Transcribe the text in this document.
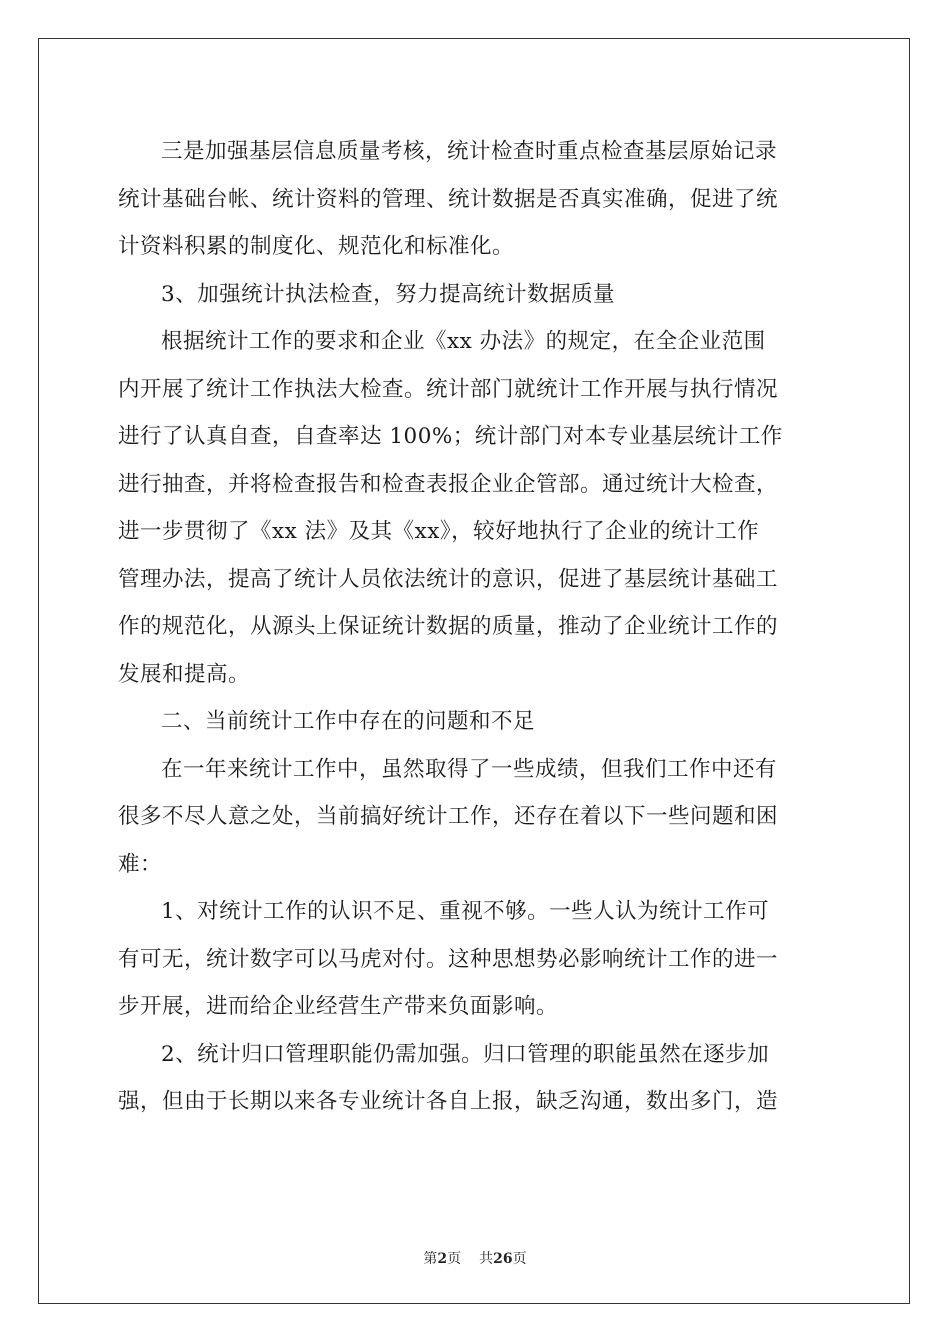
三是加强基层信息质量考核，统计检查时重点检查基层原始记录

统计基础台帐、统计资料的管理、统计数据是否真实准确，促进了统

计资料积累的制度化、规范化和标准化。

3、加强统计执法检查，努力提高统计数据质量

根据统计工作的要求和企业《xx 办法》的规定，在全企业范围

内开展了统计工作执法大检查。统计部门就统计工作开展与执行情况

进行了认真自查，自查率达 100%；统计部门对本专业基层统计工作

进行抽查，并将检查报告和检查表报企业企管部。通过统计大检查，

进一步贯彻了《xx 法》及其《xx》，较好地执行了企业的统计工作

管理办法，提高了统计人员依法统计的意识，促进了基层统计基础工

作的规范化，从源头上保证统计数据的质量，推动了企业统计工作的

发展和提高。

二、当前统计工作中存在的问题和不足

在一年来统计工作中，虽然取得了一些成绩，但我们工作中还有

很多不尽人意之处，当前搞好统计工作，还存在着以下一些问题和困

难：

1、对统计工作的认识不足、重视不够。一些人认为统计工作可

有可无，统计数字可以马虎对付。这种思想势必影响统计工作的进一

步开展，进而给企业经营生产带来负面影响。

2、统计归口管理职能仍需加强。归口管理的职能虽然在逐步加

强，但由于长期以来各专业统计各自上报，缺乏沟通，数出多门，造

第2页 共26页
